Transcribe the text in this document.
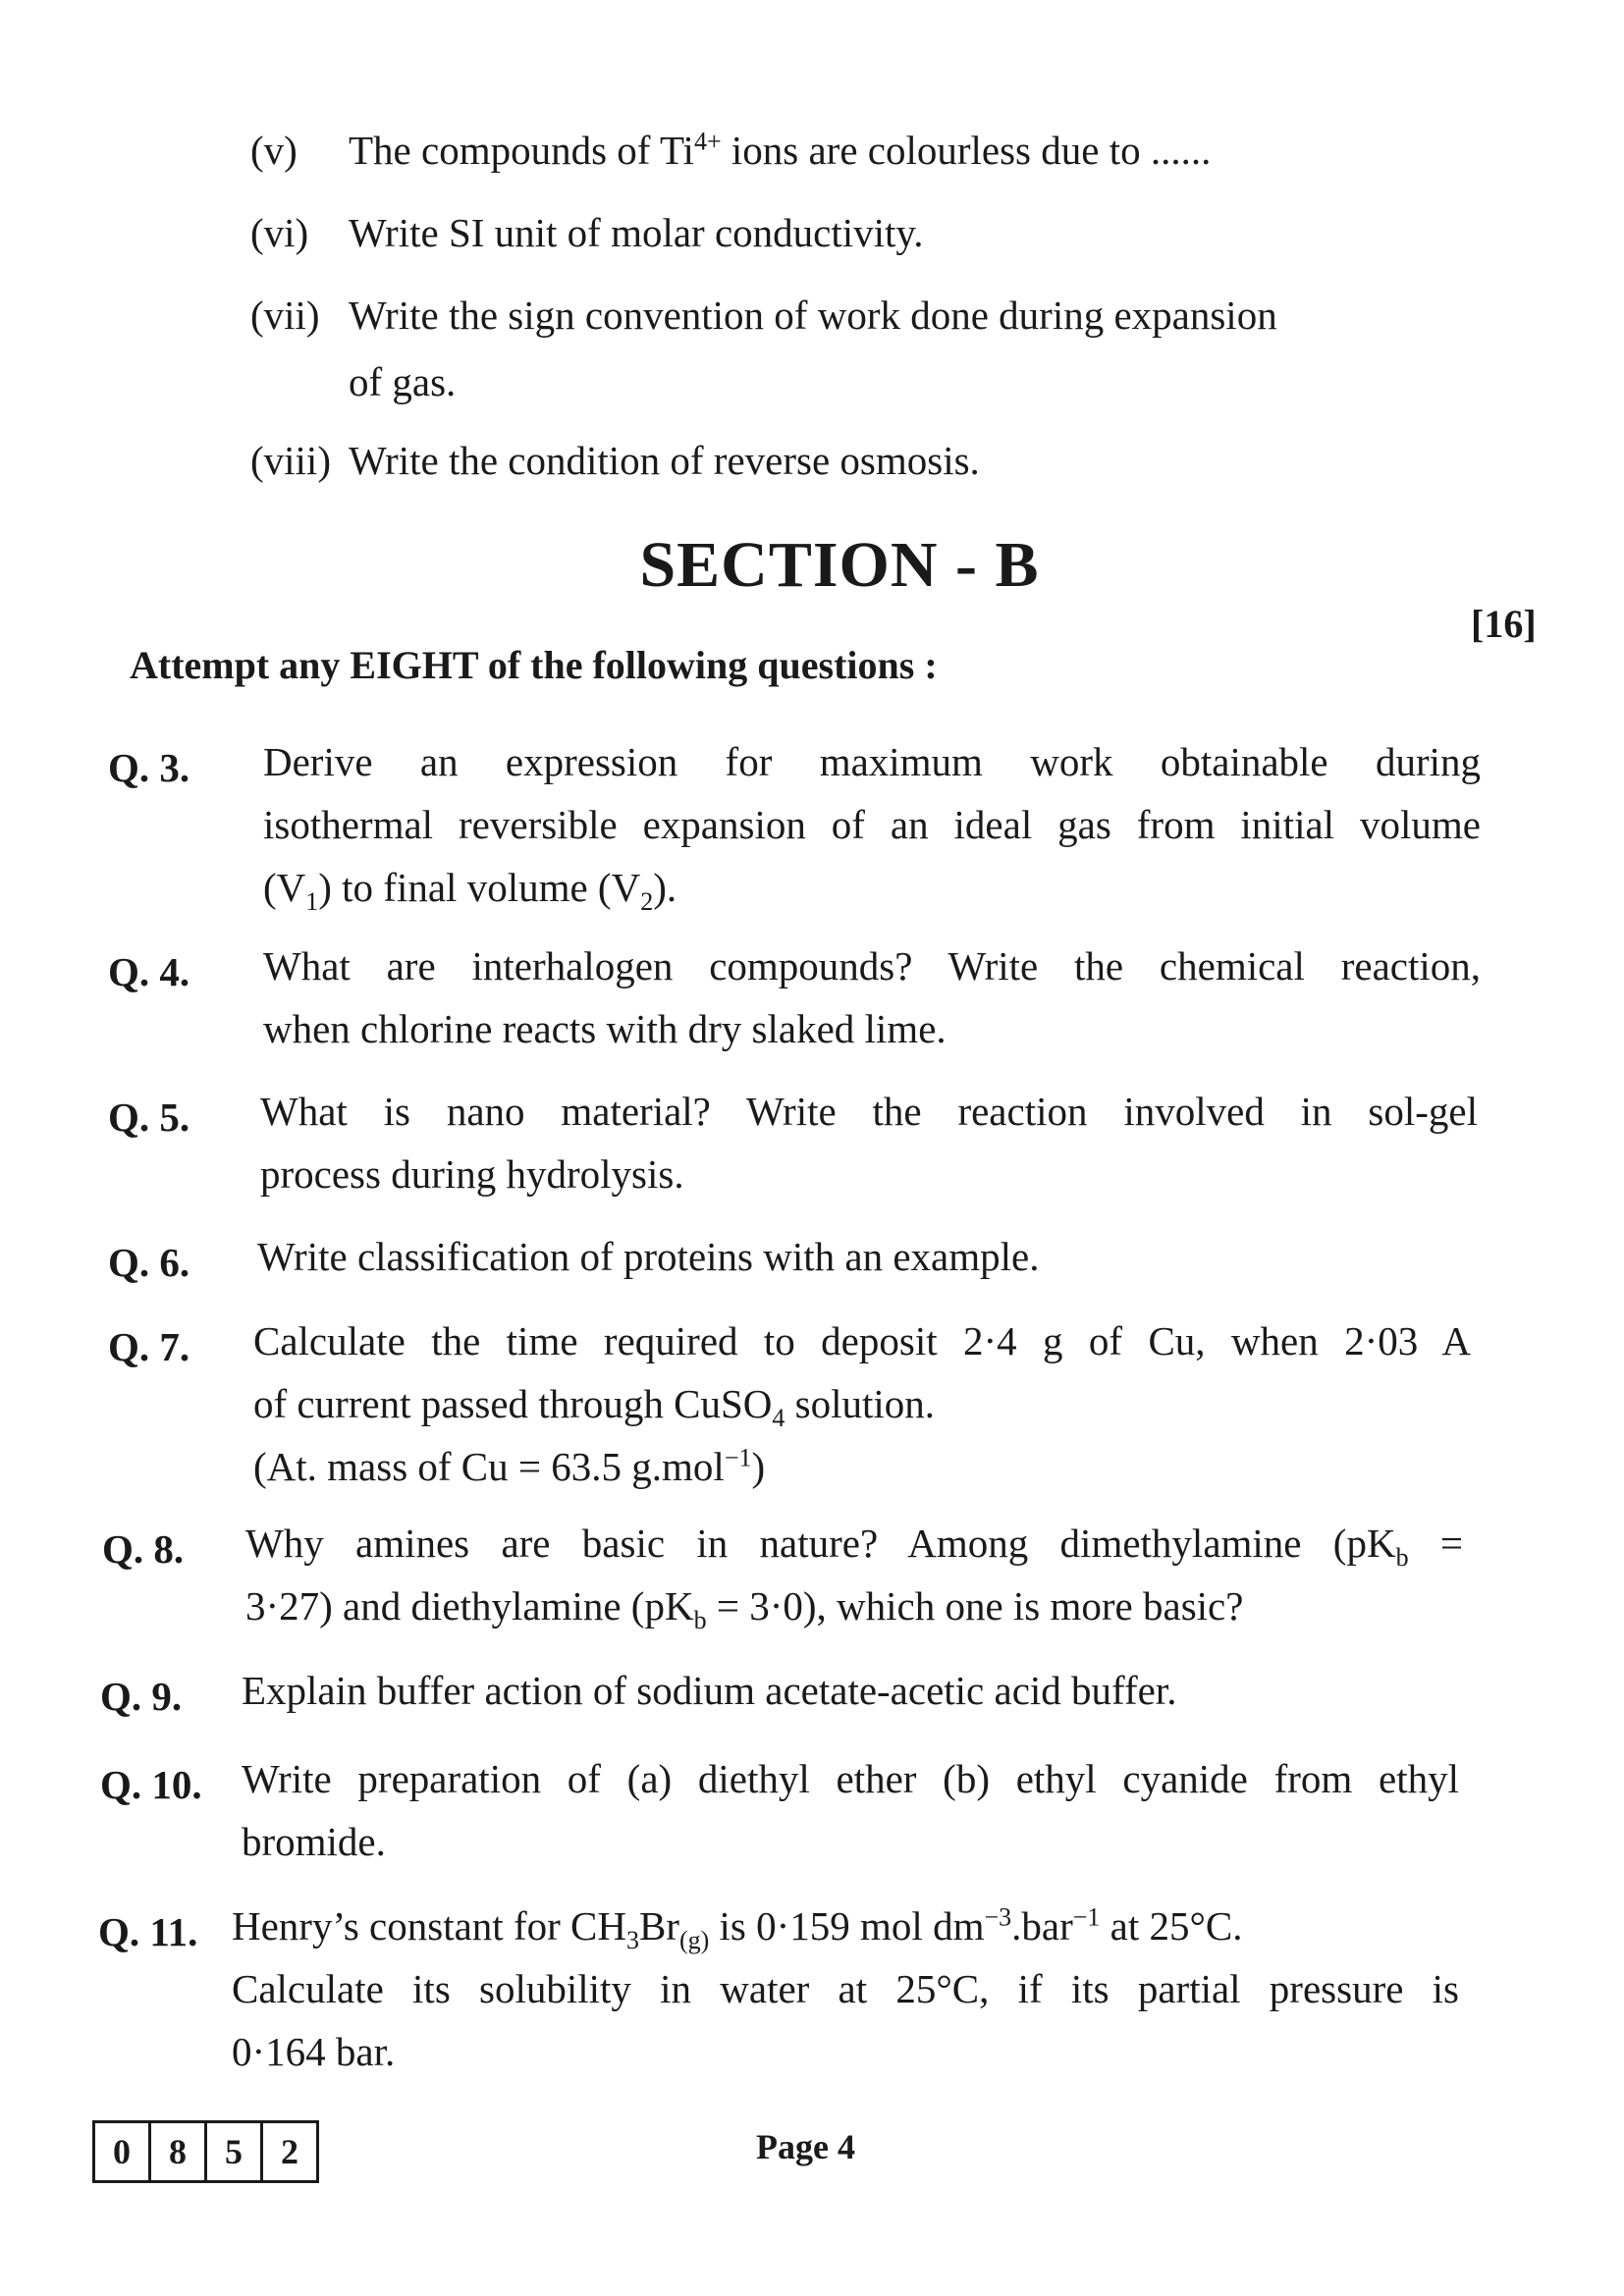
(v) The compounds of $Ti^{4+}$ ions are colourless due to ......
(vi) Write SI unit of molar conductivity.
(vii) Write the sign convention of work done during expansion
of gas.
(viii) Write the condition of reverse osmosis.
SECTION - B
[16]
Attempt any EIGHT of the following questions :
Q. 3. Derive an expression for maximum work obtainable during
isothermal reversible expansion of an ideal gas from initial volume
$(V_1)$ to final volume $(V_2)$.
Q. 4. What are interhalogen compounds? Write the chemical reaction,
when chlorine reacts with dry slaked lime.
Q. 5. What is nano material? Write the reaction involved in sol-gel
process during hydrolysis.
Q. 6. Write classification of proteins with an example.
Q. 7. Calculate the time required to deposit 2·4 g of Cu, when 2·03 A
of current passed through CuSO$_4$ solution.
(At. mass of Cu = 63.5 g.mol$^{-1}$)
Q. 8. Why amines are basic in nature? Among dimethylamine ($pK_b$ =
3·27) and diethylamine $(pK_b = 3\cdot 0)$, which one is more basic?
Q. 9. Explain buffer action of sodium acetate-acetic acid buffer.
Q. 10. Write preparation of (a) diethyl ether (b) ethyl cyanide from ethyl
bromide.
Q. 11. Henry’s constant for $CH_3Br_{(g)}$ is 0·159 mol $dm^{-3}.bar^{-1}$ at 25°C.
Calculate its solubility in water at 25°C, if its partial pressure is
0·164 bar.
0	8	5	2	Page 4
